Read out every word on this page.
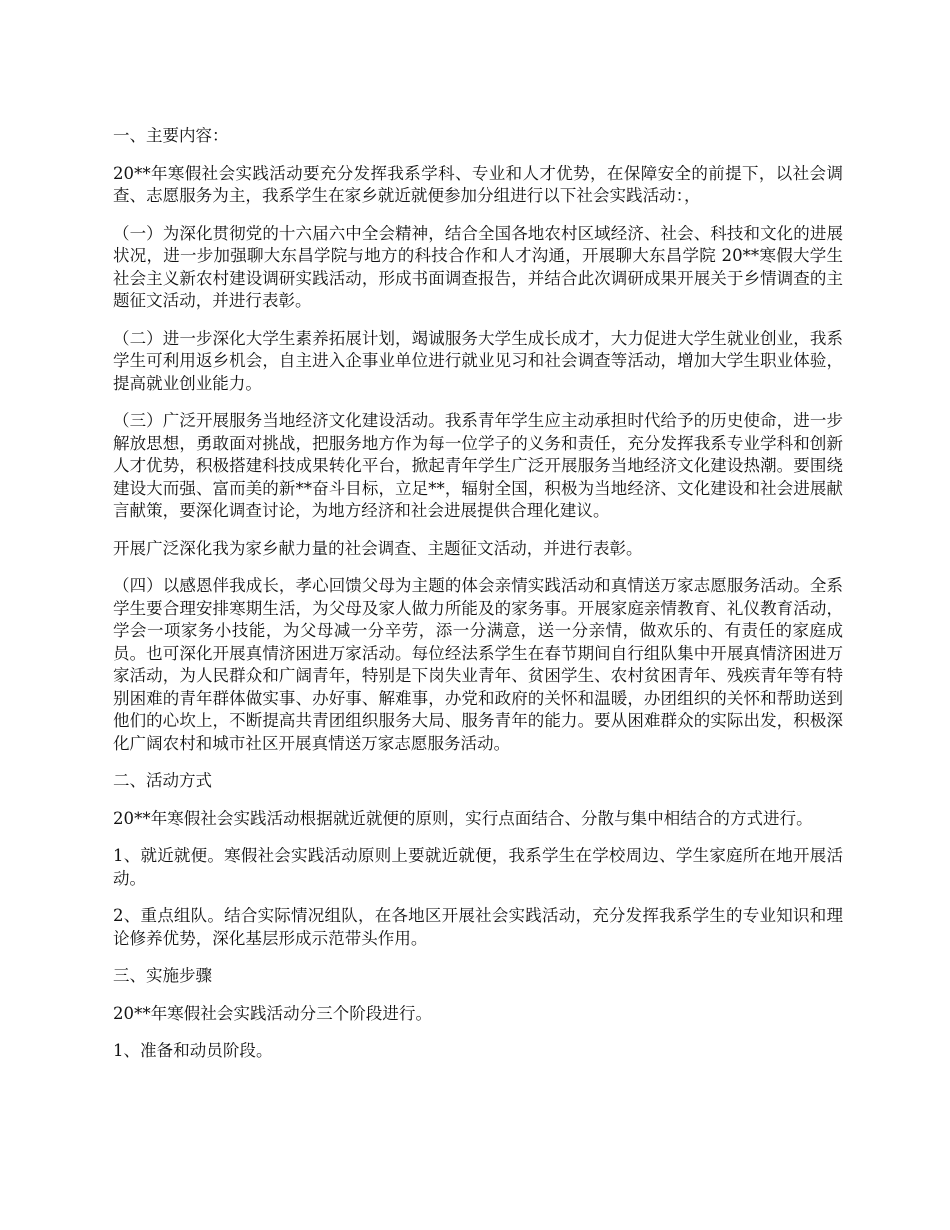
一、主要内容：

20**年寒假社会实践活动要充分发挥我系学科、专业和人才优势，在保障安全的前提下，以社会调查、志愿服务为主，我系学生在家乡就近就便参加分组进行以下社会实践活动：，

（一）为深化贯彻党的十六届六中全会精神，结合全国各地农村区域经济、社会、科技和文化的进展状况，进一步加强聊大东昌学院与地方的科技合作和人才沟通，开展聊大东昌学院 20**寒假大学生社会主义新农村建设调研实践活动，形成书面调查报告，并结合此次调研成果开展关于乡情调查的主题征文活动，并进行表彰。

（二）进一步深化大学生素养拓展计划，竭诚服务大学生成长成才，大力促进大学生就业创业，我系学生可利用返乡机会，自主进入企事业单位进行就业见习和社会调查等活动，增加大学生职业体验，提高就业创业能力。

（三）广泛开展服务当地经济文化建设活动。我系青年学生应主动承担时代给予的历史使命，进一步解放思想，勇敢面对挑战，把服务地方作为每一位学子的义务和责任，充分发挥我系专业学科和创新人才优势，积极搭建科技成果转化平台，掀起青年学生广泛开展服务当地经济文化建设热潮。要围绕建设大而强、富而美的新**奋斗目标，立足**，辐射全国，积极为当地经济、文化建设和社会进展献言献策，要深化调查讨论，为地方经济和社会进展提供合理化建议。

开展广泛深化我为家乡献力量的社会调查、主题征文活动，并进行表彰。

（四）以感恩伴我成长，孝心回馈父母为主题的体会亲情实践活动和真情送万家志愿服务活动。全系学生要合理安排寒期生活，为父母及家人做力所能及的家务事。开展家庭亲情教育、礼仪教育活动，学会一项家务小技能，为父母减一分辛劳，添一分满意，送一分亲情，做欢乐的、有责任的家庭成员。也可深化开展真情济困进万家活动。每位经法系学生在春节期间自行组队集中开展真情济困进万家活动，为人民群众和广阔青年，特别是下岗失业青年、贫困学生、农村贫困青年、残疾青年等有特别困难的青年群体做实事、办好事、解难事，办党和政府的关怀和温暖，办团组织的关怀和帮助送到他们的心坎上，不断提高共青团组织服务大局、服务青年的能力。要从困难群众的实际出发，积极深化广阔农村和城市社区开展真情送万家志愿服务活动。

二、活动方式

20**年寒假社会实践活动根据就近就便的原则，实行点面结合、分散与集中相结合的方式进行。

1、就近就便。寒假社会实践活动原则上要就近就便，我系学生在学校周边、学生家庭所在地开展活动。

2、重点组队。结合实际情况组队，在各地区开展社会实践活动，充分发挥我系学生的专业知识和理论修养优势，深化基层形成示范带头作用。

三、实施步骤

20**年寒假社会实践活动分三个阶段进行。

1、准备和动员阶段。
